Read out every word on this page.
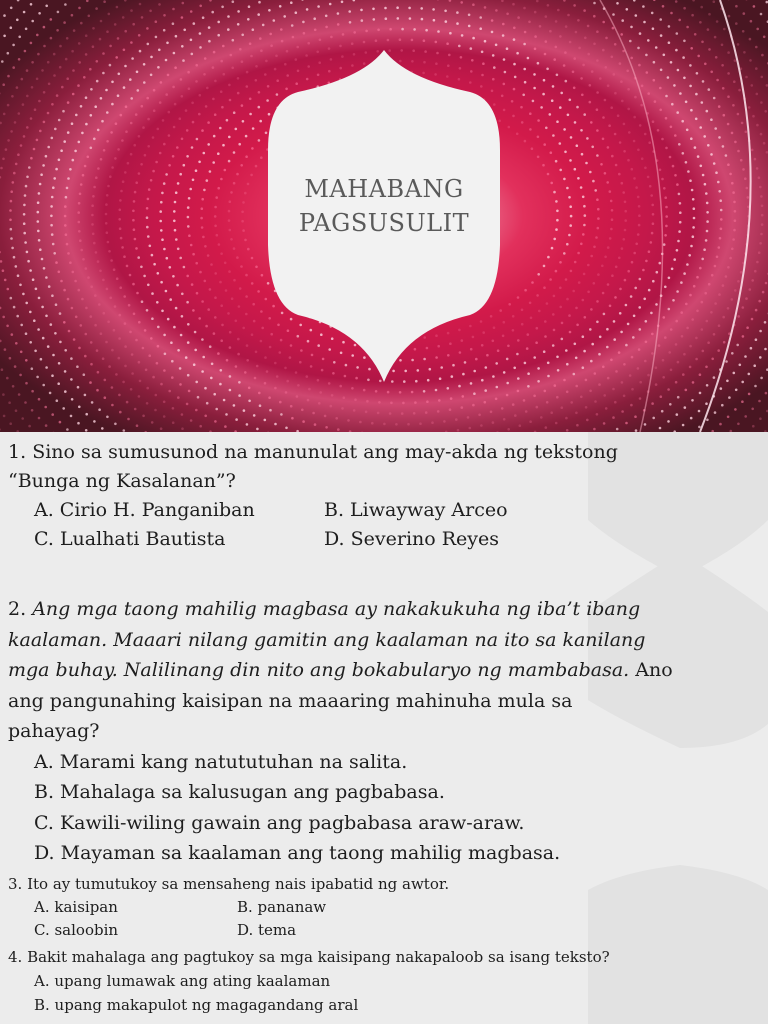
MAHABANG
PAGSUSULIT
1. Sino sa sumusunod na manunulat ang may-akda ng tekstong
“Bunga ng Kasalanan”?
A. Cirio H. Panganiban	B. Liwayway Arceo
C. Lualhati Bautista	D. Severino Reyes
2. Ang mga taong mahilig magbasa ay nakakukuha ng iba’t ibang
kaalaman. Maaari nilang gamitin ang kaalaman na ito sa kanilang
mga buhay. Nalilinang din nito ang bokabularyo ng mambabasa. Ano
ang pangunahing kaisipan na maaaring mahinuha mula sa
pahayag?
A. Marami kang natututuhan na salita.
B. Mahalaga sa kalusugan ang pagbabasa.
C. Kawili-wiling gawain ang pagbabasa araw-araw.
D. Mayaman sa kaalaman ang taong mahilig magbasa.
3. Ito ay tumutukoy sa mensaheng nais ipabatid ng awtor.
A. kaisipan	B. pananaw
C. saloobin	D. tema
4. Bakit mahalaga ang pagtukoy sa mga kaisipang nakapaloob sa isang teksto?
A. upang lumawak ang ating kaalaman
B. upang makapulot ng magagandang aral
